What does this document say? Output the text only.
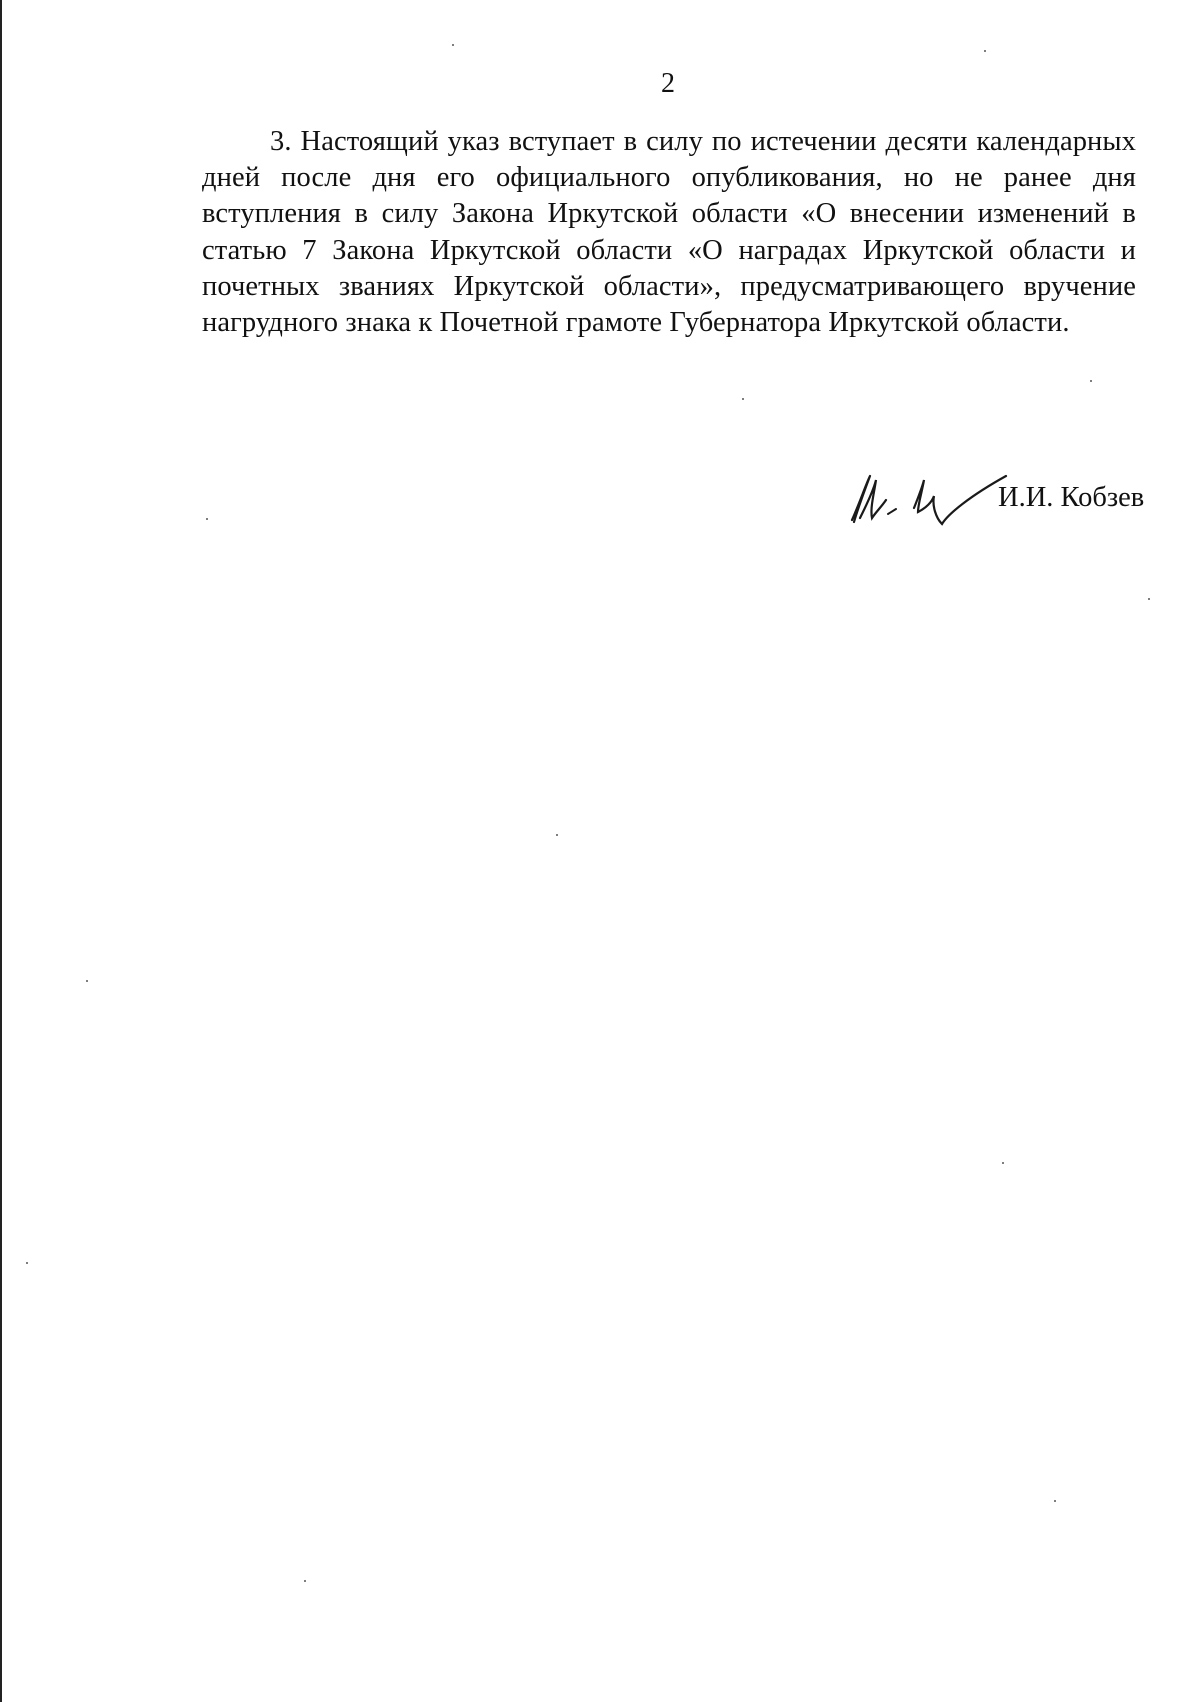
2

3. Настоящий указ вступает в силу по истечении десяти календарных дней после дня его официального опубликования, но не ранее дня вступления в силу Закона Иркутской области «О внесении изменений в статью 7 Закона Иркутской области «О наградах Иркутской области и почетных званиях Иркутской области», предусматривающего вручение нагрудного знака к Почетной грамоте Губернатора Иркутской области.

И.И. Кобзев
